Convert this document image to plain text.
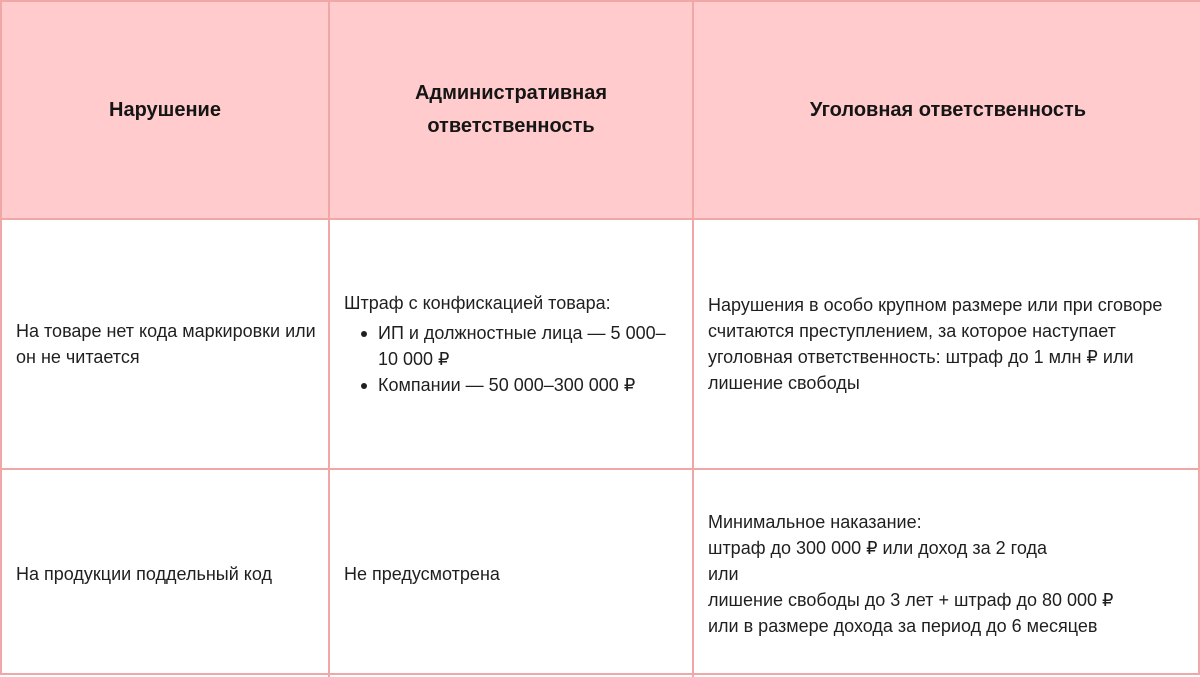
Нарушение
Административная ответственность
Уголовная ответственность
На товаре нет кода маркировки или он не читается
Штраф с конфискацией товара:
ИП и должностные лица — 5 000–10 000 ₽
Компании — 50 000–300 000 ₽
Нарушения в особо крупном размере или при сговоре считаются преступлением, за которое наступает уголовная ответственность: штраф до 1 млн ₽ или лишение свободы
На продукции поддельный код	Не предусмотрена
Минимальное наказание:
штраф до 300 000 ₽ или доход за 2 года
или
лишение свободы до 3 лет + штраф до 80 000 ₽
или в размере дохода за период до 6 месяцев
